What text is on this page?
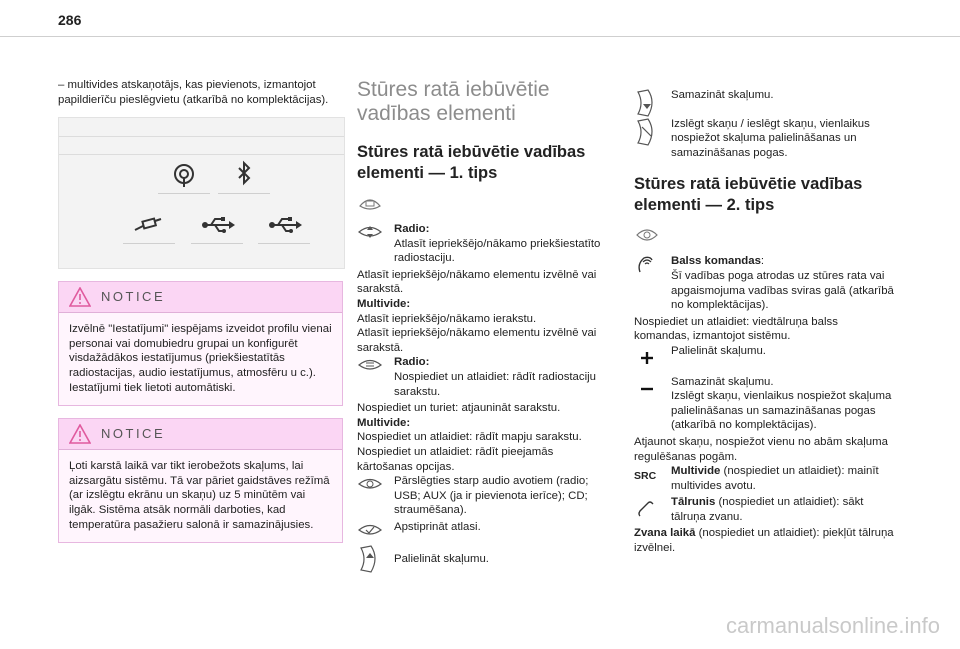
286

– multivides atskaņotājs, kas pievienots, izmantojot papildierīču pieslēgvietu (atkarībā no komplektācijas).

NOTICE
Izvēlnē "Iestatījumi" iespējams izveidot profilu vienai personai vai domubiedru grupai un konfigurēt visdažādākos iestatījumus (priekšiestatītās radiostacijas, audio iestatījumus, atmosfēru u c.). Iestatījumi tiek lietoti automātiski.
NOTICE
Ļoti karstā laikā var tikt ierobežots skaļums, lai aizsargātu sistēmu. Tā var pāriet gaidstāves režīmā (ar izslēgtu ekrānu un skaņu) uz 5 minūtēm vai ilgāk. Sistēma atsāk normāli darboties, kad temperatūra pasažieru salonā ir samazinājusies.
Stūres ratā iebūvētie vadības elementi
Stūres ratā iebūvētie vadības elementi — 1. tips

Radio:
Atlasīt iepriekšējo/nākamo priekšiestatīto radiostaciju.

Atlasīt iepriekšējo/nākamo elementu izvēlnē vai sarakstā.

Multivide:

Atlasīt iepriekšējo/nākamo ierakstu.

Atlasīt iepriekšējo/nākamo elementu izvēlnē vai sarakstā.

Radio:
Nospiediet un atlaidiet: rādīt radiostaciju sarakstu.

Nospiediet un turiet: atjaunināt sarakstu.

Multivide:

Nospiediet un atlaidiet: rādīt mapju sarakstu.

Nospiediet un atlaidiet: rādīt pieejamās kārtošanas opcijas.

Pārslēgties starp audio avotiem (radio; USB; AUX (ja ir pievienota ierīce); CD; straumēšana).

Apstiprināt atlasi.

Palielināt skaļumu.

Samazināt skaļumu.

Izslēgt skaņu / ieslēgt skaņu, vienlaikus nospiežot skaļuma palielināšanas un samazināšanas pogas.

Stūres ratā iebūvētie vadības elementi — 2. tips

Balss komandas:
Šī vadības poga atrodas uz stūres rata vai apgaismojuma vadības sviras galā (atkarībā no komplektācijas).

Nospiediet un atlaidiet: viedtālruņa balss komandas, izmantojot sistēmu.

Palielināt skaļumu.

Samazināt skaļumu.

Izslēgt skaņu, vienlaikus nospiežot skaļuma palielināšanas un samazināšanas pogas (atkarībā no komplektācijas).

Atjaunot skaņu, nospiežot vienu no abām skaļuma regulēšanas pogām.

SRC	Multivide (nospiediet un atlaidiet): mainīt multivides avotu.

Tālrunis (nospiediet un atlaidiet): sākt tālruņa zvanu.

Zvana laikā (nospiediet un atlaidiet): piekļūt tālruņa izvēlnei.

carmanualsonline.info
